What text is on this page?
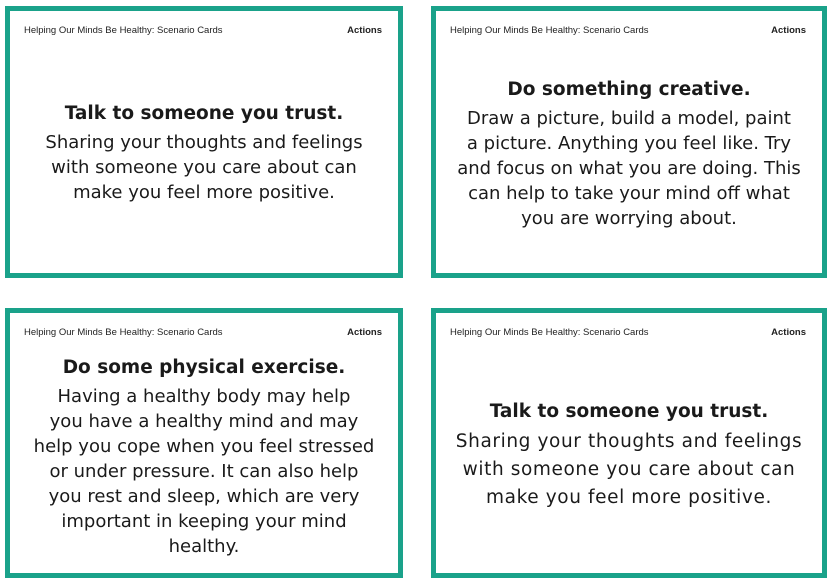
Helping Our Minds Be Healthy: Scenario Cards	Actions
Talk to someone you trust.
Sharing your thoughts and feelings
with someone you care about can
make you feel more positive.
Helping Our Minds Be Healthy: Scenario Cards	Actions
Do something creative.
Draw a picture, build a model, paint
a picture. Anything you feel like. Try
and focus on what you are doing. This
can help to take your mind off what
you are worrying about.
Helping Our Minds Be Healthy: Scenario Cards	Actions
Do some physical exercise.
Having a healthy body may help
you have a healthy mind and may
help you cope when you feel stressed
or under pressure. It can also help
you rest and sleep, which are very
important in keeping your mind
healthy.
Helping Our Minds Be Healthy: Scenario Cards	Actions
Talk to someone you trust.
Sharing your thoughts and feelings
with someone you care about can
make you feel more positive.
